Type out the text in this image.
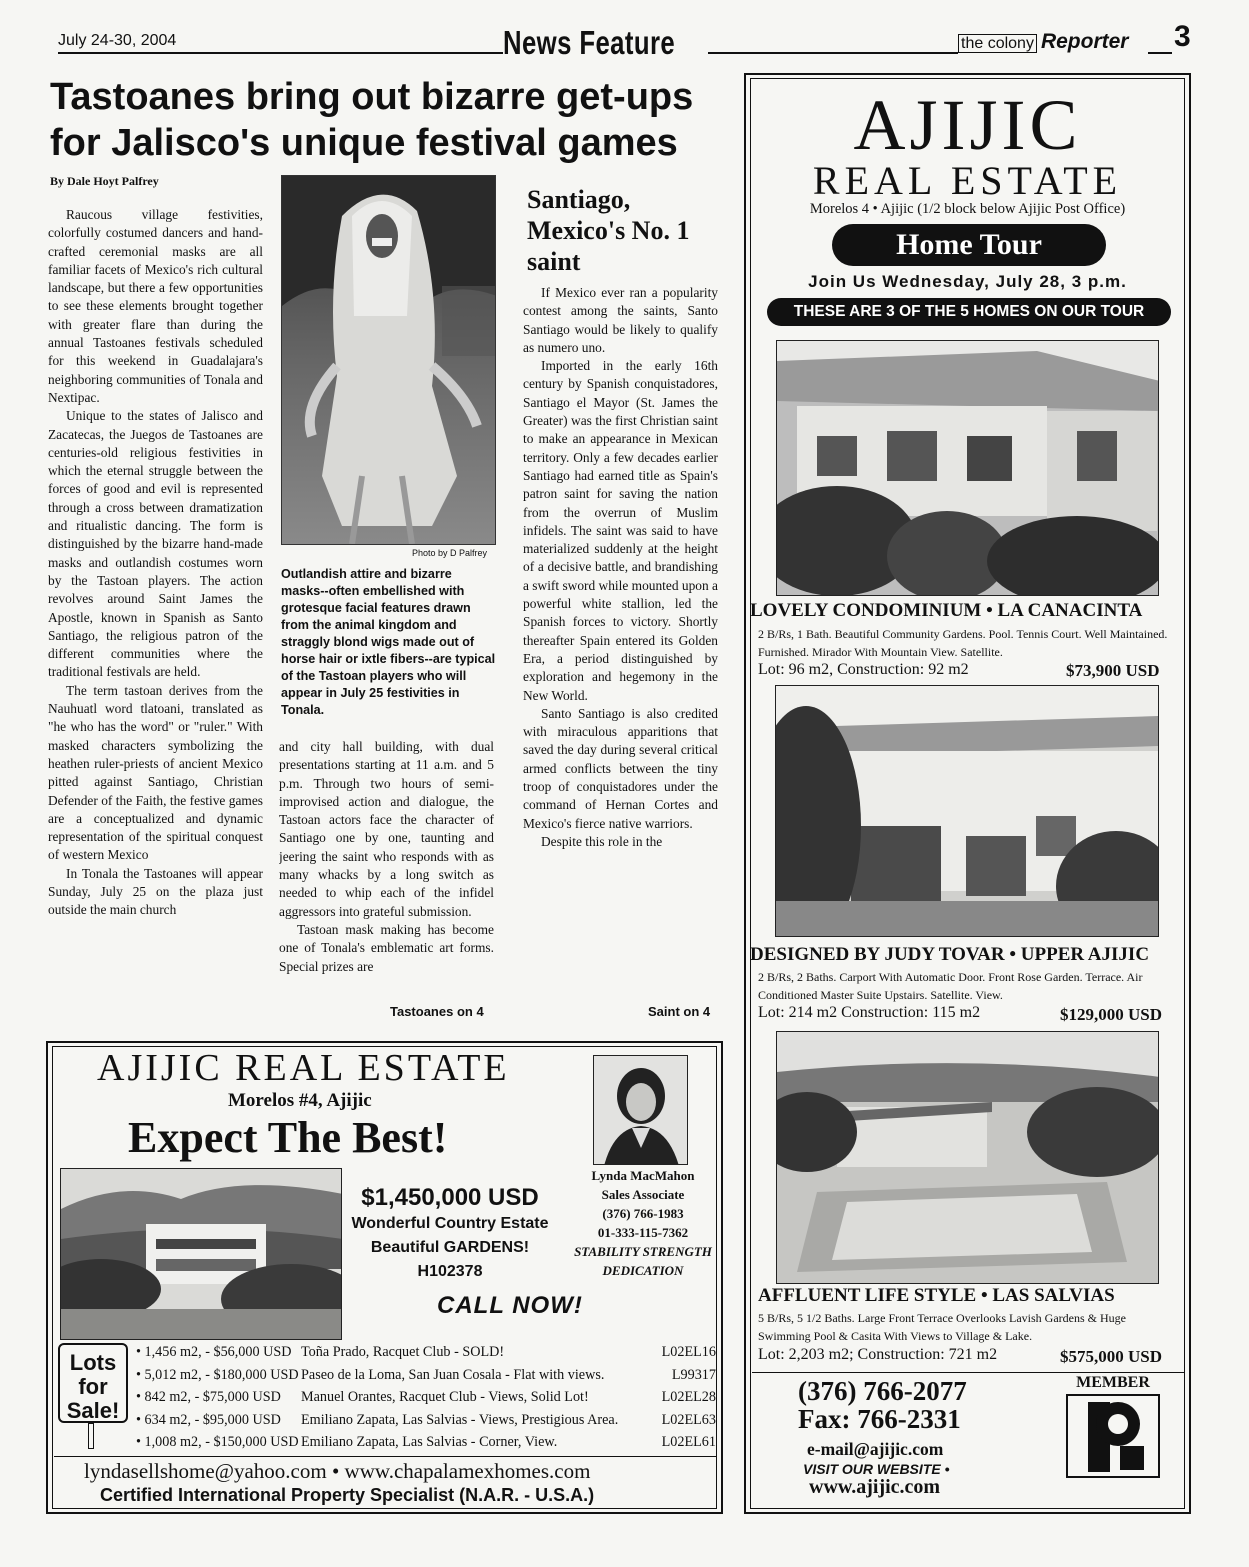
July 24-30, 2004	News Feature	the colony Reporter 3
Tastoanes bring out bizarre get-ups
for Jalisco's unique festival games
By Dale Hoyt Palfrey

Raucous village festivities, colorfully costumed dancers and hand-crafted ceremonial masks are all familiar facets of Mexico's rich cultural landscape, but there a few opportunities to see these elements brought together with greater flare than during the annual Tastoanes festivals scheduled for this weekend in Guadalajara's neighboring communities of Tonala and Nextipac.

Unique to the states of Jalisco and Zacatecas, the Juegos de Tastoanes are centuries-old religious festivities in which the eternal struggle between the forces of good and evil is represented through a cross between dramatization and ritualistic dancing. The form is distinguished by the bizarre hand-made masks and outlandish costumes worn by the Tastoan players. The action revolves around Saint James the Apostle, known in Spanish as Santo Santiago, the religious patron of the different communities where the traditional festivals are held.

The term tastoan derives from the Nauhuatl word tlatoani, translated as "he who has the word" or "ruler." With masked characters symbolizing the heathen ruler-priests of ancient Mexico pitted against Santiago, Christian Defender of the Faith, the festive games are a conceptualized and dynamic representation of the spiritual conquest of western Mexico

In Tonala the Tastoanes will appear Sunday, July 25 on the plaza just outside the main church

Photo by D Palfrey
Outlandish attire and bizarre masks--often embellished with grotesque facial features drawn from the animal kingdom and straggly blond wigs made out of horse hair or ixtle fibers--are typical of the Tastoan players who will appear in July 25 festivities in Tonala.

and city hall building, with dual presentations starting at 11 a.m. and 5 p.m. Through two hours of semi-improvised action and dialogue, the Tastoan actors face the character of Santiago one by one, taunting and jeering the saint who responds with as many whacks by a long switch as needed to whip each of the infidel aggressors into grateful submission.

Tastoan mask making has become one of Tonala's emblematic art forms. Special prizes are

Tastoanes on 4
Santiago, Mexico's No. 1 saint

If Mexico ever ran a popularity contest among the saints, Santo Santiago would be likely to qualify as numero uno.

Imported in the early 16th century by Spanish conquistadores, Santiago el Mayor (St. James the Greater) was the first Christian saint to make an appearance in Mexican territory. Only a few decades earlier Santiago had earned title as Spain's patron saint for saving the nation from the overrun of Muslim infidels. The saint was said to have materialized suddenly at the height of a decisive battle, and brandishing a swift sword while mounted upon a powerful white stallion, led the Spanish forces to victory. Shortly thereafter Spain entered its Golden Era, a period distinguished by exploration and hegemony in the New World.

Santo Santiago is also credited with miraculous apparitions that saved the day during several critical armed conflicts between the tiny troop of conquistadores under the command of Hernan Cortes and Mexico's fierce native warriors.

Despite this role in the

Saint on 4
AJIJIC
REAL ESTATE
Morelos 4 • Ajijic (1/2 block below Ajijic Post Office)
Home Tour
Join Us Wednesday, July 28, 3 p.m.
THESE ARE 3 OF THE 5 HOMES ON OUR TOUR
LOVELY CONDOMINIUM • LA CANACINTA
2 B/Rs, 1 Bath. Beautiful Community Gardens. Pool. Tennis Court. Well Maintained. Furnished. Mirador With Mountain View. Satellite.
Lot: 96 m2, Construction: 92 m2	$73,900 USD
DESIGNED BY JUDY TOVAR • UPPER AJIJIC
2 B/Rs, 2 Baths. Carport With Automatic Door. Front Rose Garden. Terrace. Air Conditioned Master Suite Upstairs. Satellite. View.
Lot: 214 m2 Construction: 115 m2	$129,000 USD
AFFLUENT LIFE STYLE • LAS SALVIAS
5 B/Rs, 5 1/2 Baths. Large Front Terrace Overlooks Lavish Gardens & Huge Swimming Pool & Casita With Views to Village & Lake.
Lot: 2,203 m2; Construction: 721 m2	$575,000 USD
(376) 766-2077
Fax: 766-2331
e-mail@ajijic.com
VISIT OUR WEBSITE •
www.ajijic.com
MEMBER
AJIJIC REAL ESTATE
Morelos #4, Ajijic
Expect The Best!
Lynda MacMahon
Sales Associate
(376) 766-1983
01-333-115-7362
STABILITY STRENGTH
DEDICATION
$1,450,000 USD
Wonderful Country Estate
Beautiful GARDENS!
H102378
CALL NOW!
Lots for
Sale!
• 1,456 m2, - $56,000 USD Toña Prado, Racquet Club - SOLD!	L02EL16
• 5,012 m2, - $180,000 USD Paseo de la Loma, San Juan Cosala - Flat with views.	L99317
• 842 m2, - $75,000 USD	Manuel Orantes, Racquet Club - Views, Solid Lot!	L02EL28
• 634 m2, - $95,000 USD	Emiliano Zapata, Las Salvias - Views, Prestigious Area.	L02EL63
• 1,008 m2, - $150,000 USD Emiliano Zapata, Las Salvias - Corner, View.	L02EL61
lyndasellshome@yahoo.com • www.chapalamexhomes.com
Certified International Property Specialist (N.A.R. - U.S.A.)
